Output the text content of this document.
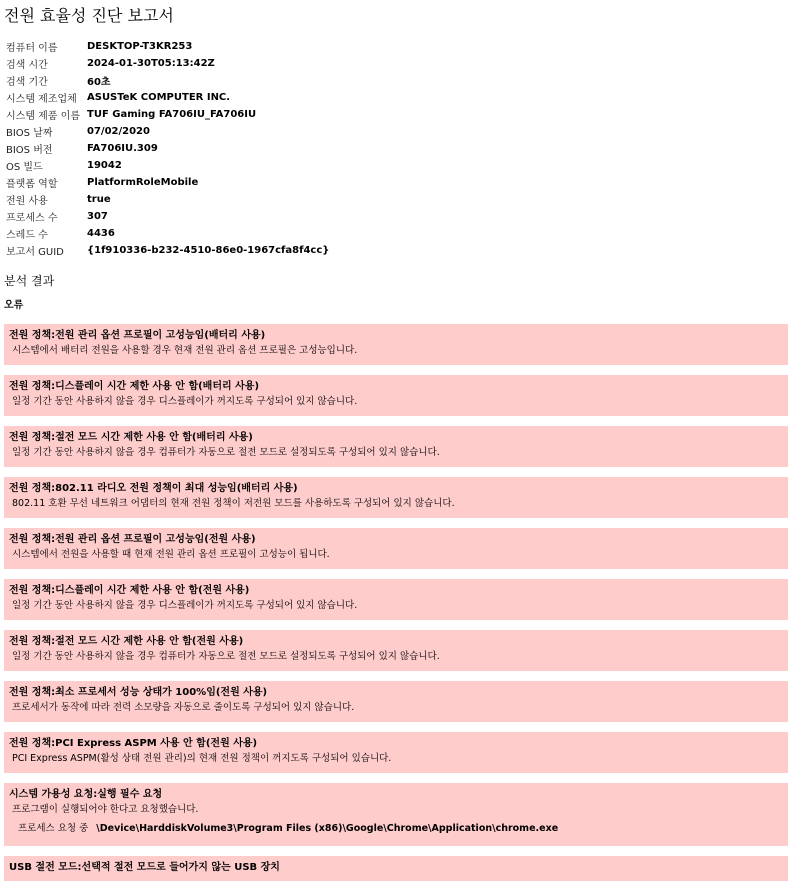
전원 효율성 진단 보고서
컴퓨터 이름	DESKTOP-T3KR253
검색 시간	2024-01-30T05:13:42Z
검색 기간	60초
시스템 제조업체	ASUSTeK COMPUTER INC.
시스템 제품 이름	TUF Gaming FA706IU_FA706IU
BIOS 날짜	07/02/2020
BIOS 버전	FA706IU.309
OS 빌드	19042
플랫폼 역할	PlatformRoleMobile
전원 사용	true
프로세스 수	307
스레드 수	4436
보고서 GUID	{1f910336-b232-4510-86e0-1967cfa8f4cc}
분석 결과
오류
전원 정책:전원 관리 옵션 프로필이 고성능임(배터리 사용)
시스템에서 배터리 전원을 사용할 경우 현재 전원 관리 옵션 프로필은 고성능입니다.
전원 정책:디스플레이 시간 제한 사용 안 함(배터리 사용)
일정 기간 동안 사용하지 않을 경우 디스플레이가 꺼지도록 구성되어 있지 않습니다.
전원 정책:절전 모드 시간 제한 사용 안 함(배터리 사용)
일정 기간 동안 사용하지 않을 경우 컴퓨터가 자동으로 절전 모드로 설정되도록 구성되어 있지 않습니다.
전원 정책:802.11 라디오 전원 정책이 최대 성능임(배터리 사용)
802.11 호환 무선 네트워크 어댑터의 현재 전원 정책이 저전원 모드를 사용하도록 구성되어 있지 않습니다.
전원 정책:전원 관리 옵션 프로필이 고성능임(전원 사용)
시스템에서 전원을 사용할 때 현재 전원 관리 옵션 프로필이 고성능이 됩니다.
전원 정책:디스플레이 시간 제한 사용 안 함(전원 사용)
일정 기간 동안 사용하지 않을 경우 디스플레이가 꺼지도록 구성되어 있지 않습니다.
전원 정책:절전 모드 시간 제한 사용 안 함(전원 사용)
일정 기간 동안 사용하지 않을 경우 컴퓨터가 자동으로 절전 모드로 설정되도록 구성되어 있지 않습니다.
전원 정책:최소 프로세서 성능 상태가 100%임(전원 사용)
프로세서가 동작에 따라 전력 소모량을 자동으로 줄이도록 구성되어 있지 않습니다.
전원 정책:PCI Express ASPM 사용 안 함(전원 사용)
PCI Express ASPM(활성 상태 전원 관리)의 현재 전원 정책이 꺼지도록 구성되어 있습니다.
시스템 가용성 요청:실행 필수 요청
프로그램이 실행되어야 한다고 요청했습니다.
프로세스 요청 중 \Device\HarddiskVolume3\Program Files (x86)\Google\Chrome\Application\chrome.exe
USB 절전 모드:선택적 절전 모드로 들어가지 않는 USB 장치
